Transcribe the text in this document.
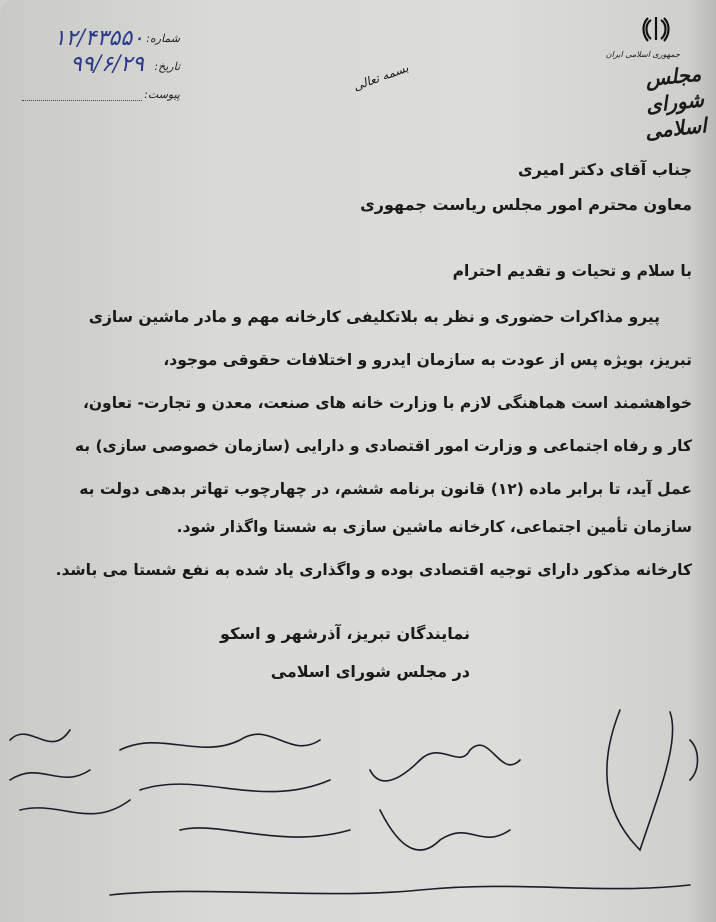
جمهوری اسلامی ایران
مجلس شورای اسلامی
بسمه تعالی
شماره:
۱۲/۴۳۵۵۰
تاریخ:
۹۹/۶/۲۹
پیوست:
جناب آقای دکتر امیری
معاون محترم امور مجلس ریاست جمهوری
با سلام و تحیات و تقدیم احترام
پیرو مذاکرات حضوری و نظر به بلاتکلیفی کارخانه مهم و مادر ماشین سازی
تبریز، بویژه پس از عودت به سازمان ایدرو و اختلافات حقوقی موجود،
خواهشمند است هماهنگی لازم با وزارت خانه های صنعت، معدن و تجارت- تعاون،
کار و رفاه اجتماعی و وزارت امور اقتصادی و دارایی (سازمان خصوصی سازی) به
عمل آید، تا برابر ماده (۱۲) قانون برنامه ششم، در چهارچوب تهاتر بدهی دولت به
سازمان تأمین اجتماعی، کارخانه ماشین سازی به شستا واگذار شود.
کارخانه مذکور دارای توجیه اقتصادی بوده و واگذاری یاد شده به نفع شستا می باشد.
نمایندگان تبریز، آذرشهر و اسکو
در مجلس شورای اسلامی
